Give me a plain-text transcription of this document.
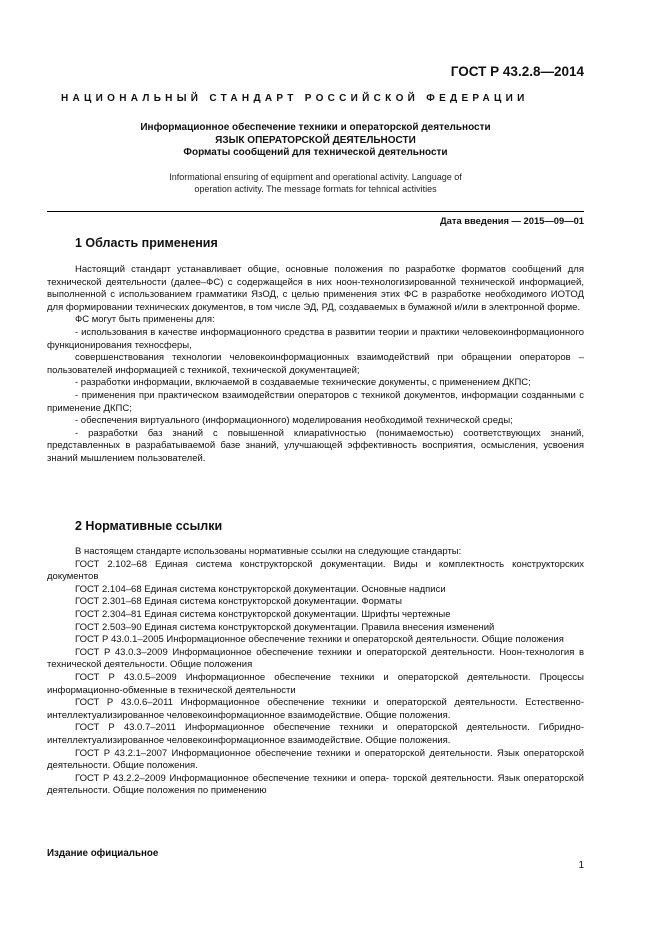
ГОСТ Р 43.2.8—2014
НАЦИОНАЛЬНЫЙ СТАНДАРТ РОССИЙСКОЙ ФЕДЕРАЦИИ
Информационное обеспечение техники и операторской деятельности
ЯЗЫК ОПЕРАТОРСКОЙ ДЕЯТЕЛЬНОСТИ
Форматы сообщений для технической деятельности
Informational ensuring of equipment and operational activity. Language of
operation activity. The message formats for tehnical activities
Дата введения — 2015—09—01
1 Область применения

Настоящий стандарт устанавливает общие, основные положения по разработке форматов сообщений для технической деятельности (далее–ФС) с содержащейся в них ноон-технологизированной технической информацией, выполненной с использованием грамматики ЯзОД, с целью применения этих ФС в разработке необходимого ИОТОД для формировании технических документов, в том числе ЭД, РД, создаваемых в бумажной и/или в электронной форме.

ФС могут быть применены для:

- использования в качестве информационного средства в развитии теории и практики человекоинформационного функционирования техносферы,

совершенствования технологии человекоинформационных взаимодействий при обращении операторов – пользователей информацией с техникой, технической документацией;

- разработки информации, включаемой в создаваемые технические документы, с применением ДКПС;

- применения при практическом взаимодействии операторов с техникой документов, информации созданными с применение ДКПС;

- обеспечения виртуального (информационного) моделирования необходимой технической среды;

- разработки баз знаний с повышенной клиарativностью (понимаемостью) соответствующих знаний, представленных в разрабатываемой базе знаний, улучшающей эффективность восприятия, осмысления, усвоения знаний мышлением пользователей.

2 Нормативные ссылки

В настоящем стандарте использованы нормативные ссылки на следующие стандарты:

ГОСТ 2.102–68 Единая система конструкторской документации. Виды и комплектность конструкторских документов

ГОСТ 2.104–68 Единая система конструкторской документации. Основные надписи

ГОСТ 2.301–68 Единая система конструкторской документации. Форматы

ГОСТ 2.304–81 Единая система конструкторской документации. Шрифты чертежные

ГОСТ 2.503–90 Единая система конструкторской документации. Правила внесения изменений

ГОСТ Р 43.0.1–2005 Информационное обеспечение техники и операторской деятельности. Общие положения

ГОСТ Р 43.0.3–2009 Информационное обеспечение техники и операторской деятельности. Ноон-технология в технической деятельности. Общие положения

ГОСТ Р 43.0.5–2009 Информационное обеспечение техники и операторской деятельности. Процессы информационно-обменные в технической деятельности

ГОСТ Р 43.0.6–2011 Информационное обеспечение техники и операторской деятельности. Естественно-интеллектуализированное человекоинформационное взаимодействие. Общие положения.

ГОСТ Р 43.0.7–2011 Информационное обеспечение техники и операторской деятельности. Гибридно-интеллектуализированное человекоинформационное взаимодействие. Общие положения.

ГОСТ Р 43.2.1–2007 Информационное обеспечение техники и операторской деятельности. Язык операторской деятельности. Общие положения.

ГОСТ Р 43.2.2–2009 Информационное обеспечение техники и опера- торской деятельности. Язык операторской деятельности. Общие положения по применению

Издание официальное
1
